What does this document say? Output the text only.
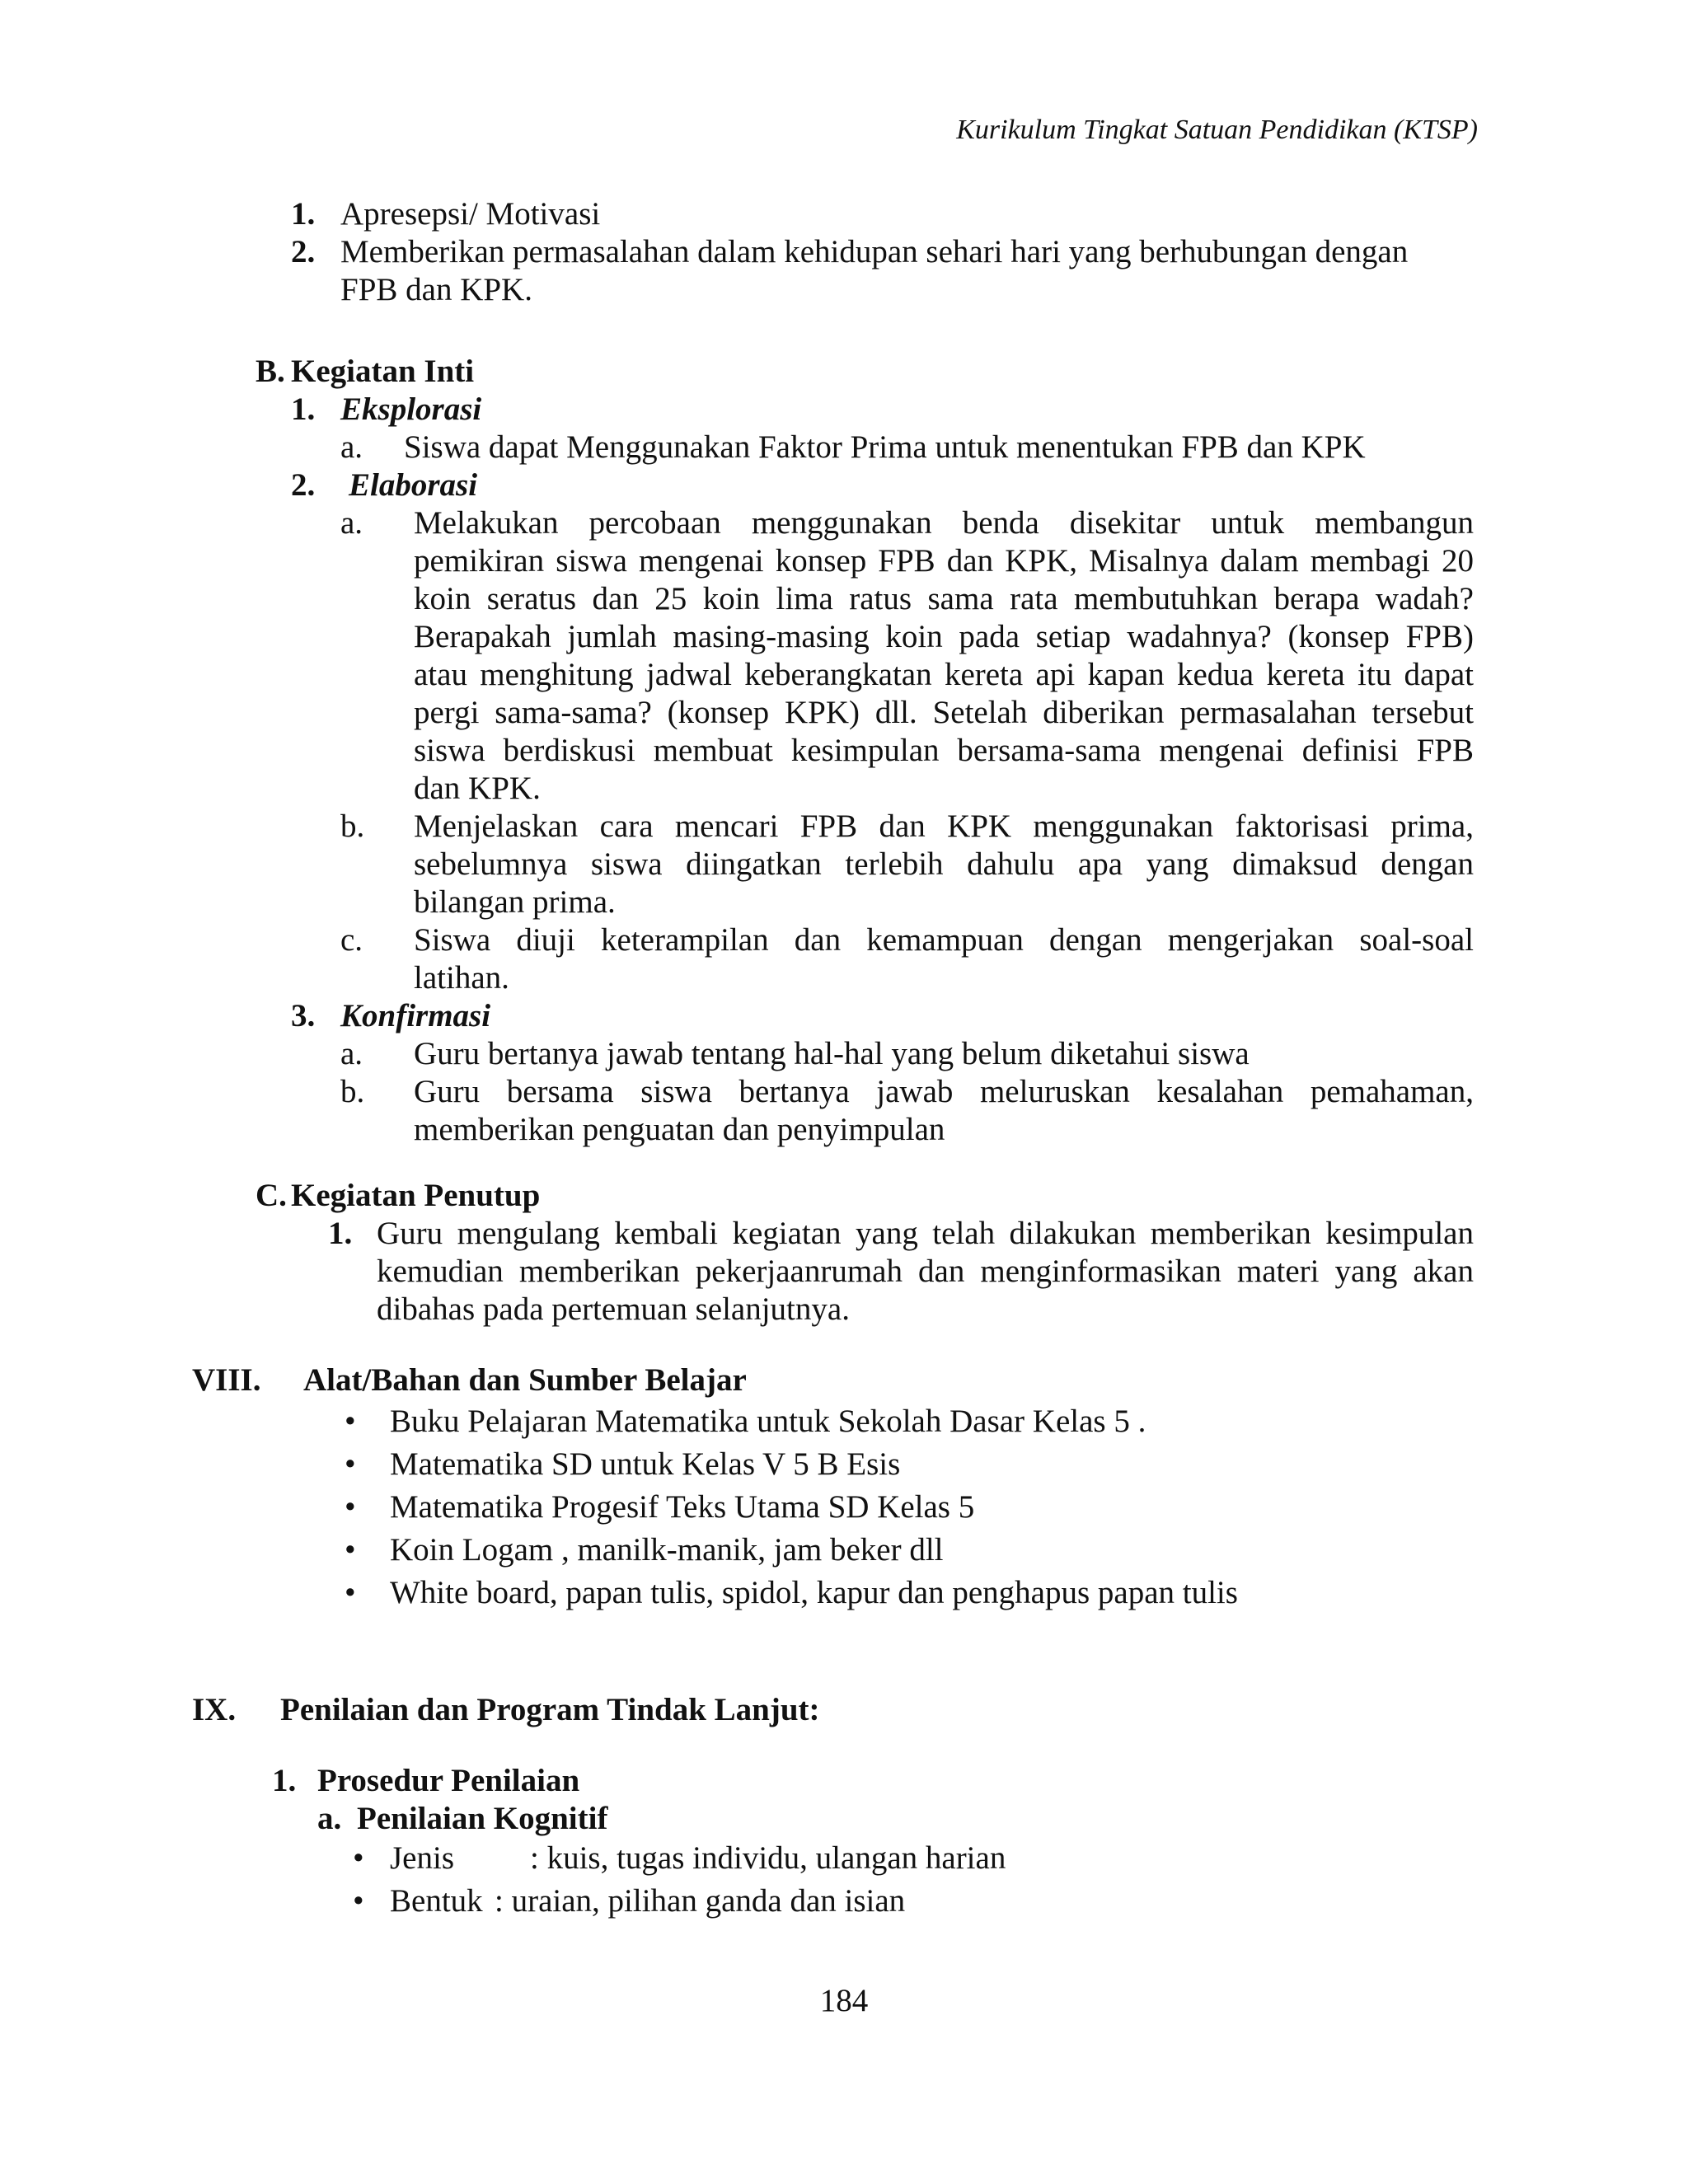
Kurikulum Tingkat Satuan Pendidikan (KTSP)
1. Apresepsi/ Motivasi
2. Memberikan permasalahan dalam kehidupan sehari hari yang berhubungan dengan
FPB dan KPK.
B. Kegiatan Inti
1. Eksplorasi
a. Siswa dapat Menggunakan Faktor Prima untuk menentukan FPB dan KPK
2. Elaborasi
a. Melakukan percobaan menggunakan benda disekitar untuk membangun
pemikiran siswa mengenai konsep FPB dan KPK, Misalnya dalam membagi 20
koin seratus dan 25 koin lima ratus sama rata membutuhkan berapa wadah?
Berapakah jumlah masing-masing koin pada setiap wadahnya? (konsep FPB)
atau menghitung jadwal keberangkatan kereta api kapan kedua kereta itu dapat
pergi sama-sama? (konsep KPK) dll. Setelah diberikan permasalahan tersebut
siswa berdiskusi membuat kesimpulan bersama-sama mengenai definisi FPB
dan KPK.
b. Menjelaskan cara mencari FPB dan KPK menggunakan faktorisasi prima,
sebelumnya siswa diingatkan terlebih dahulu apa yang dimaksud dengan
bilangan prima.
c. Siswa diuji keterampilan dan kemampuan dengan mengerjakan soal-soal
latihan.
3. Konfirmasi
a. Guru bertanya jawab tentang hal-hal yang belum diketahui siswa
b. Guru bersama siswa bertanya jawab meluruskan kesalahan pemahaman,
memberikan penguatan dan penyimpulan
C. Kegiatan Penutup
1. Guru mengulang kembali kegiatan yang telah dilakukan memberikan kesimpulan
kemudian memberikan pekerjaanrumah dan menginformasikan materi yang akan
dibahas pada pertemuan selanjutnya.
VIII. Alat/Bahan dan Sumber Belajar
• Buku Pelajaran Matematika untuk Sekolah Dasar Kelas 5 .
• Matematika SD untuk Kelas V 5 B Esis
• Matematika Progesif Teks Utama SD Kelas 5
• Koin Logam , manilk-manik, jam beker dll
• White board, papan tulis, spidol, kapur dan penghapus papan tulis
IX. Penilaian dan Program Tindak Lanjut:
1. Prosedur Penilaian
a. Penilaian Kognitif
• Jenis : kuis, tugas individu, ulangan harian
• Bentuk : uraian, pilihan ganda dan isian
184
